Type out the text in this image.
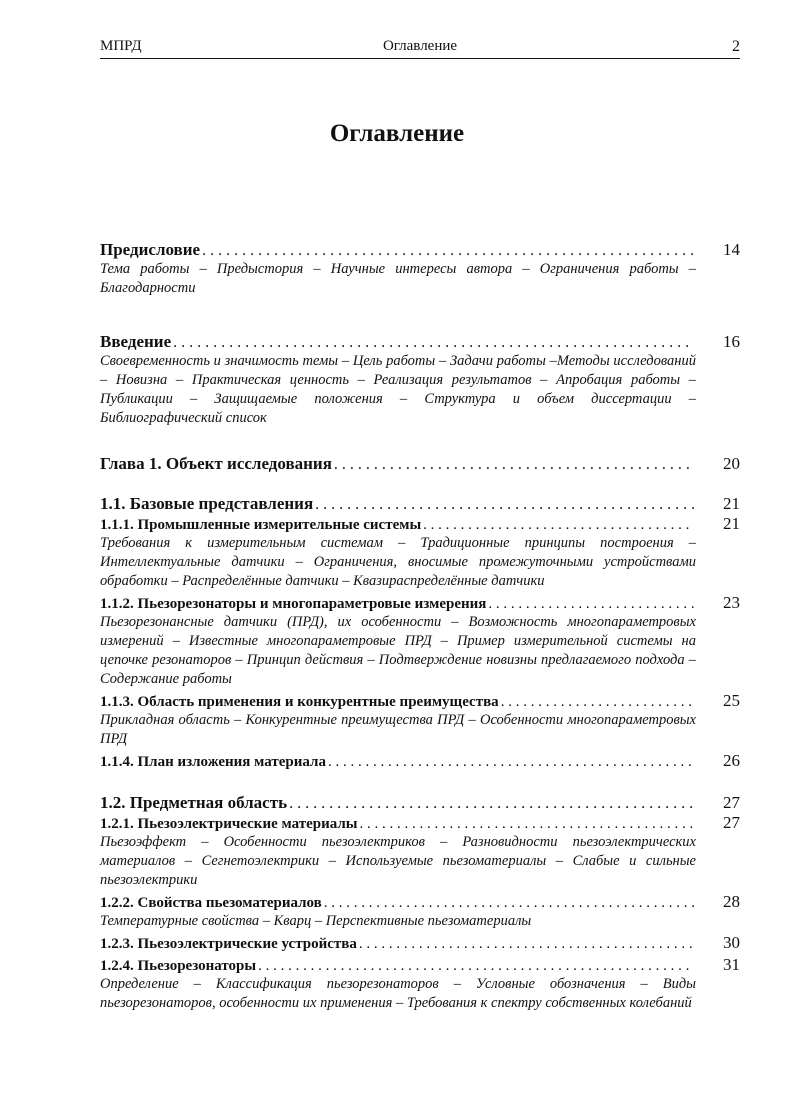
МПРД	Оглавление	2
Оглавление
Предисловие . . .	14
Тема работы – Предыстория – Научные интересы автора – Ограничения работы – Благодарности
Введение . . .	16
Своевременность и значимость темы – Цель работы – Задачи работы –Методы исследований – Новизна – Практическая ценность – Реализация результатов – Апробация работы – Публикации – Защищаемые положения – Структура и объем диссертации – Библиографический список
Глава 1. Объект исследования . . .	20
1.1. Базовые представления . . .	21
1.1.1. Промышленные измерительные системы . . .	21
Требования к измерительным системам – Традиционные принципы построения – Интеллектуальные датчики – Ограничения, вносимые промежуточными устройствами обработки – Распределённые датчики – Квазираспределённые датчики
1.1.2. Пьезорезонаторы и многопараметровые измерения . . .	23
Пьезорезонансные датчики (ПРД), их особенности – Возможность многопараметровых измерений – Известные многопараметровые ПРД – Пример измерительной системы на цепочке резонаторов – Принцип действия – Подтверждение новизны предлагаемого подхода – Содержание работы
1.1.3. Область применения и конкурентные преимущества . . .	25
Прикладная область – Конкурентные преимущества ПРД – Особенности многопараметровых ПРД
1.1.4. План изложения материала . . .	26
1.2. Предметная область . . .	27
1.2.1. Пьезоэлектрические материалы . . .	27
Пьезоэффект – Особенности пьезоэлектриков – Разновидности пьезоэлектрических материалов – Сегнетоэлектрики – Используемые пьезоматериалы – Слабые и сильные пьезоэлектрики
1.2.2. Свойства пьезоматериалов . . .	28
Температурные свойства – Кварц – Перспективные пьезоматериалы
1.2.3. Пьезоэлектрические устройства . . .	30
1.2.4. Пьезорезонаторы . . .	31
Определение – Классификация пьезорезонаторов – Условные обозначения – Виды пьезорезонаторов, особенности их применения – Требования к спектру собственных колебаний
